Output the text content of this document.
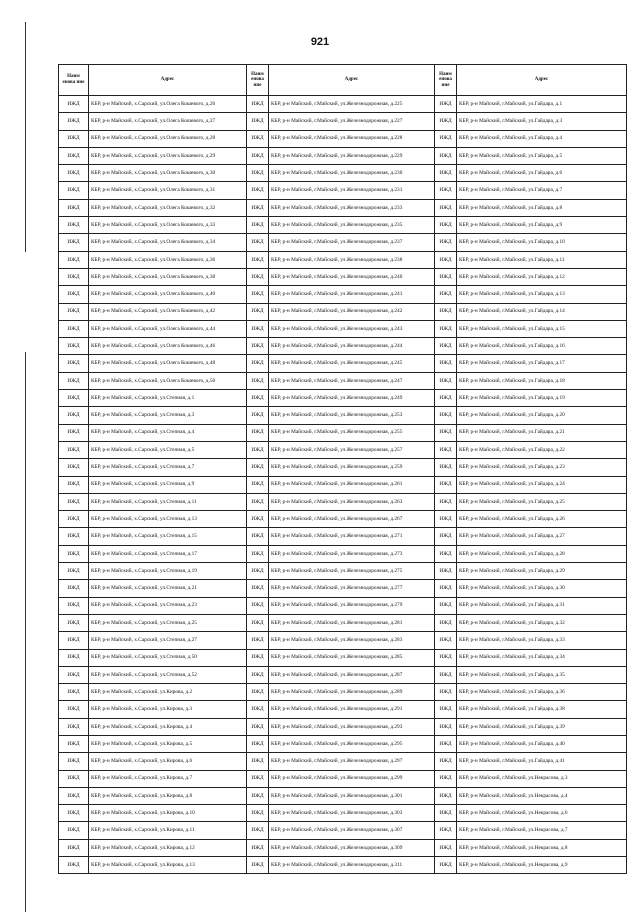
921
Наим енова ние	Адрес	Наим енова ние	Адрес	Наим енова ние	Адрес
ИЖД	КБР, р-н Майский, х.Сарский, ул.Олега Кошевого, д.26	ИЖД	КБР, р-н Майский, г.Майский, ул.Железнодорожная, д.225	ИЖД	КБР, р-н Майский, г.Майский, ул.Гайдара, д.1
ИЖД	КБР, р-н Майский, х.Сарский, ул.Олега Кошевого, д.27	ИЖД	КБР, р-н Майский, г.Майский, ул.Железнодорожная, д.227	ИЖД	КБР, р-н Майский, г.Майский, ул.Гайдара, д.3
ИЖД	КБР, р-н Майский, х.Сарский, ул.Олега Кошевого, д.28	ИЖД	КБР, р-н Майский, г.Майский, ул.Железнодорожная, д.228	ИЖД	КБР, р-н Майский, г.Майский, ул.Гайдара, д.4
ИЖД	КБР, р-н Майский, х.Сарский, ул.Олега Кошевого, д.29	ИЖД	КБР, р-н Майский, г.Майский, ул.Железнодорожная, д.229	ИЖД	КБР, р-н Майский, г.Майский, ул.Гайдара, д.5
ИЖД	КБР, р-н Майский, х.Сарский, ул.Олега Кошевого, д.30	ИЖД	КБР, р-н Майский, г.Майский, ул.Железнодорожная, д.230	ИЖД	КБР, р-н Майский, г.Майский, ул.Гайдара, д.6
ИЖД	КБР, р-н Майский, х.Сарский, ул.Олега Кошевого, д.31	ИЖД	КБР, р-н Майский, г.Майский, ул.Железнодорожная, д.231	ИЖД	КБР, р-н Майский, г.Майский, ул.Гайдара, д.7
ИЖД	КБР, р-н Майский, х.Сарский, ул.Олега Кошевого, д.32	ИЖД	КБР, р-н Майский, г.Майский, ул.Железнодорожная, д.233	ИЖД	КБР, р-н Майский, г.Майский, ул.Гайдара, д.8
ИЖД	КБР, р-н Майский, х.Сарский, ул.Олега Кошевого, д.33	ИЖД	КБР, р-н Майский, г.Майский, ул.Железнодорожная, д.235	ИЖД	КБР, р-н Майский, г.Майский, ул.Гайдара, д.9
ИЖД	КБР, р-н Майский, х.Сарский, ул.Олега Кошевого, д.34	ИЖД	КБР, р-н Майский, г.Майский, ул.Железнодорожная, д.237	ИЖД	КБР, р-н Майский, г.Майский, ул.Гайдара, д.10
ИЖД	КБР, р-н Майский, х.Сарский, ул.Олега Кошевого, д.36	ИЖД	КБР, р-н Майский, г.Майский, ул.Железнодорожная, д.238	ИЖД	КБР, р-н Майский, г.Майский, ул.Гайдара, д.11
ИЖД	КБР, р-н Майский, х.Сарский, ул.Олега Кошевого, д.38	ИЖД	КБР, р-н Майский, г.Майский, ул.Железнодорожная, д.240	ИЖД	КБР, р-н Майский, г.Майский, ул.Гайдара, д.12
ИЖД	КБР, р-н Майский, х.Сарский, ул.Олега Кошевого, д.40	ИЖД	КБР, р-н Майский, г.Майский, ул.Железнодорожная, д.241	ИЖД	КБР, р-н Майский, г.Майский, ул.Гайдара, д.13
ИЖД	КБР, р-н Майский, х.Сарский, ул.Олега Кошевого, д.42	ИЖД	КБР, р-н Майский, г.Майский, ул.Железнодорожная, д.242	ИЖД	КБР, р-н Майский, г.Майский, ул.Гайдара, д.14
ИЖД	КБР, р-н Майский, х.Сарский, ул.Олега Кошевого, д.44	ИЖД	КБР, р-н Майский, г.Майский, ул.Железнодорожная, д.243	ИЖД	КБР, р-н Майский, г.Майский, ул.Гайдара, д.15
ИЖД	КБР, р-н Майский, х.Сарский, ул.Олега Кошевого, д.46	ИЖД	КБР, р-н Майский, г.Майский, ул.Железнодорожная, д.244	ИЖД	КБР, р-н Майский, г.Майский, ул.Гайдара, д.16
ИЖД	КБР, р-н Майский, х.Сарский, ул.Олега Кошевого, д.48	ИЖД	КБР, р-н Майский, г.Майский, ул.Железнодорожная, д.245	ИЖД	КБР, р-н Майский, г.Майский, ул.Гайдара, д.17
ИЖД	КБР, р-н Майский, х.Сарский, ул.Олега Кошевого, д.50	ИЖД	КБР, р-н Майский, г.Майский, ул.Железнодорожная, д.247	ИЖД	КБР, р-н Майский, г.Майский, ул.Гайдара, д.18
ИЖД	КБР, р-н Майский, х.Сарский, ул.Степная, д.1	ИЖД	КБР, р-н Майский, г.Майский, ул.Железнодорожная, д.249	ИЖД	КБР, р-н Майский, г.Майский, ул.Гайдара, д.19
ИЖД	КБР, р-н Майский, х.Сарский, ул.Степная, д.3	ИЖД	КБР, р-н Майский, г.Майский, ул.Железнодорожная, д.253	ИЖД	КБР, р-н Майский, г.Майский, ул.Гайдара, д.20
ИЖД	КБР, р-н Майский, х.Сарский, ул.Степная, д.4	ИЖД	КБР, р-н Майский, г.Майский, ул.Железнодорожная, д.255	ИЖД	КБР, р-н Майский, г.Майский, ул.Гайдара, д.21
ИЖД	КБР, р-н Майский, х.Сарский, ул.Степная, д.5	ИЖД	КБР, р-н Майский, г.Майский, ул.Железнодорожная, д.257	ИЖД	КБР, р-н Майский, г.Майский, ул.Гайдара, д.22
ИЖД	КБР, р-н Майский, х.Сарский, ул.Степная, д.7	ИЖД	КБР, р-н Майский, г.Майский, ул.Железнодорожная, д.259	ИЖД	КБР, р-н Майский, г.Майский, ул.Гайдара, д.23
ИЖД	КБР, р-н Майский, х.Сарский, ул.Степная, д.9	ИЖД	КБР, р-н Майский, г.Майский, ул.Железнодорожная, д.261	ИЖД	КБР, р-н Майский, г.Майский, ул.Гайдара, д.24
ИЖД	КБР, р-н Майский, х.Сарский, ул.Степная, д.11	ИЖД	КБР, р-н Майский, г.Майский, ул.Железнодорожная, д.263	ИЖД	КБР, р-н Майский, г.Майский, ул.Гайдара, д.25
ИЖД	КБР, р-н Майский, х.Сарский, ул.Степная, д.13	ИЖД	КБР, р-н Майский, г.Майский, ул.Железнодорожная, д.267	ИЖД	КБР, р-н Майский, г.Майский, ул.Гайдара, д.26
ИЖД	КБР, р-н Майский, х.Сарский, ул.Степная, д.15	ИЖД	КБР, р-н Майский, г.Майский, ул.Железнодорожная, д.271	ИЖД	КБР, р-н Майский, г.Майский, ул.Гайдара, д.27
ИЖД	КБР, р-н Майский, х.Сарский, ул.Степная, д.17	ИЖД	КБР, р-н Майский, г.Майский, ул.Железнодорожная, д.273	ИЖД	КБР, р-н Майский, г.Майский, ул.Гайдара, д.28
ИЖД	КБР, р-н Майский, х.Сарский, ул.Степная, д.19	ИЖД	КБР, р-н Майский, г.Майский, ул.Железнодорожная, д.275	ИЖД	КБР, р-н Майский, г.Майский, ул.Гайдара, д.29
ИЖД	КБР, р-н Майский, х.Сарский, ул.Степная, д.21	ИЖД	КБР, р-н Майский, г.Майский, ул.Железнодорожная, д.277	ИЖД	КБР, р-н Майский, г.Майский, ул.Гайдара, д.30
ИЖД	КБР, р-н Майский, х.Сарский, ул.Степная, д.23	ИЖД	КБР, р-н Майский, г.Майский, ул.Железнодорожная, д.279	ИЖД	КБР, р-н Майский, г.Майский, ул.Гайдара, д.31
ИЖД	КБР, р-н Майский, х.Сарский, ул.Степная, д.25	ИЖД	КБР, р-н Майский, г.Майский, ул.Железнодорожная, д.281	ИЖД	КБР, р-н Майский, г.Майский, ул.Гайдара, д.32
ИЖД	КБР, р-н Майский, х.Сарский, ул.Степная, д.27	ИЖД	КБР, р-н Майский, г.Майский, ул.Железнодорожная, д.283	ИЖД	КБР, р-н Майский, г.Майский, ул.Гайдара, д.33
ИЖД	КБР, р-н Майский, х.Сарский, ул.Степная, д.50	ИЖД	КБР, р-н Майский, г.Майский, ул.Железнодорожная, д.285	ИЖД	КБР, р-н Майский, г.Майский, ул.Гайдара, д.34
ИЖД	КБР, р-н Майский, х.Сарский, ул.Степная, д.52	ИЖД	КБР, р-н Майский, г.Майский, ул.Железнодорожная, д.287	ИЖД	КБР, р-н Майский, г.Майский, ул.Гайдара, д.35
ИЖД	КБР, р-н Майский, х.Сарский, ул.Кирова, д.2	ИЖД	КБР, р-н Майский, г.Майский, ул.Железнодорожная, д.289	ИЖД	КБР, р-н Майский, г.Майский, ул.Гайдара, д.36
ИЖД	КБР, р-н Майский, х.Сарский, ул.Кирова, д.3	ИЖД	КБР, р-н Майский, г.Майский, ул.Железнодорожная, д.291	ИЖД	КБР, р-н Майский, г.Майский, ул.Гайдара, д.38
ИЖД	КБР, р-н Майский, х.Сарский, ул.Кирова, д.4	ИЖД	КБР, р-н Майский, г.Майский, ул.Железнодорожная, д.293	ИЖД	КБР, р-н Майский, г.Майский, ул.Гайдара, д.39
ИЖД	КБР, р-н Майский, х.Сарский, ул.Кирова, д.5	ИЖД	КБР, р-н Майский, г.Майский, ул.Железнодорожная, д.295	ИЖД	КБР, р-н Майский, г.Майский, ул.Гайдара, д.40
ИЖД	КБР, р-н Майский, х.Сарский, ул.Кирова, д.6	ИЖД	КБР, р-н Майский, г.Майский, ул.Железнодорожная, д.297	ИЖД	КБР, р-н Майский, г.Майский, ул.Гайдара, д.41
ИЖД	КБР, р-н Майский, х.Сарский, ул.Кирова, д.7	ИЖД	КБР, р-н Майский, г.Майский, ул.Железнодорожная, д.299	ИЖД	КБР, р-н Майский, г.Майский, ул.Некрасова, д.3
ИЖД	КБР, р-н Майский, х.Сарский, ул.Кирова, д.8	ИЖД	КБР, р-н Майский, г.Майский, ул.Железнодорожная, д.301	ИЖД	КБР, р-н Майский, г.Майский, ул.Некрасова, д.4
ИЖД	КБР, р-н Майский, х.Сарский, ул.Кирова, д.10	ИЖД	КБР, р-н Майский, г.Майский, ул.Железнодорожная, д.303	ИЖД	КБР, р-н Майский, г.Майский, ул.Некрасова, д.6
ИЖД	КБР, р-н Майский, х.Сарский, ул.Кирова, д.11	ИЖД	КБР, р-н Майский, г.Майский, ул.Железнодорожная, д.307	ИЖД	КБР, р-н Майский, г.Майский, ул.Некрасова, д.7
ИЖД	КБР, р-н Майский, х.Сарский, ул.Кирова, д.12	ИЖД	КБР, р-н Майский, г.Майский, ул.Железнодорожная, д.309	ИЖД	КБР, р-н Майский, г.Майский, ул.Некрасова, д.8
ИЖД	КБР, р-н Майский, х.Сарский, ул.Кирова, д.13	ИЖД	КБР, р-н Майский, г.Майский, ул.Железнодорожная, д.311	ИЖД	КБР, р-н Майский, г.Майский, ул.Некрасова, д.9
